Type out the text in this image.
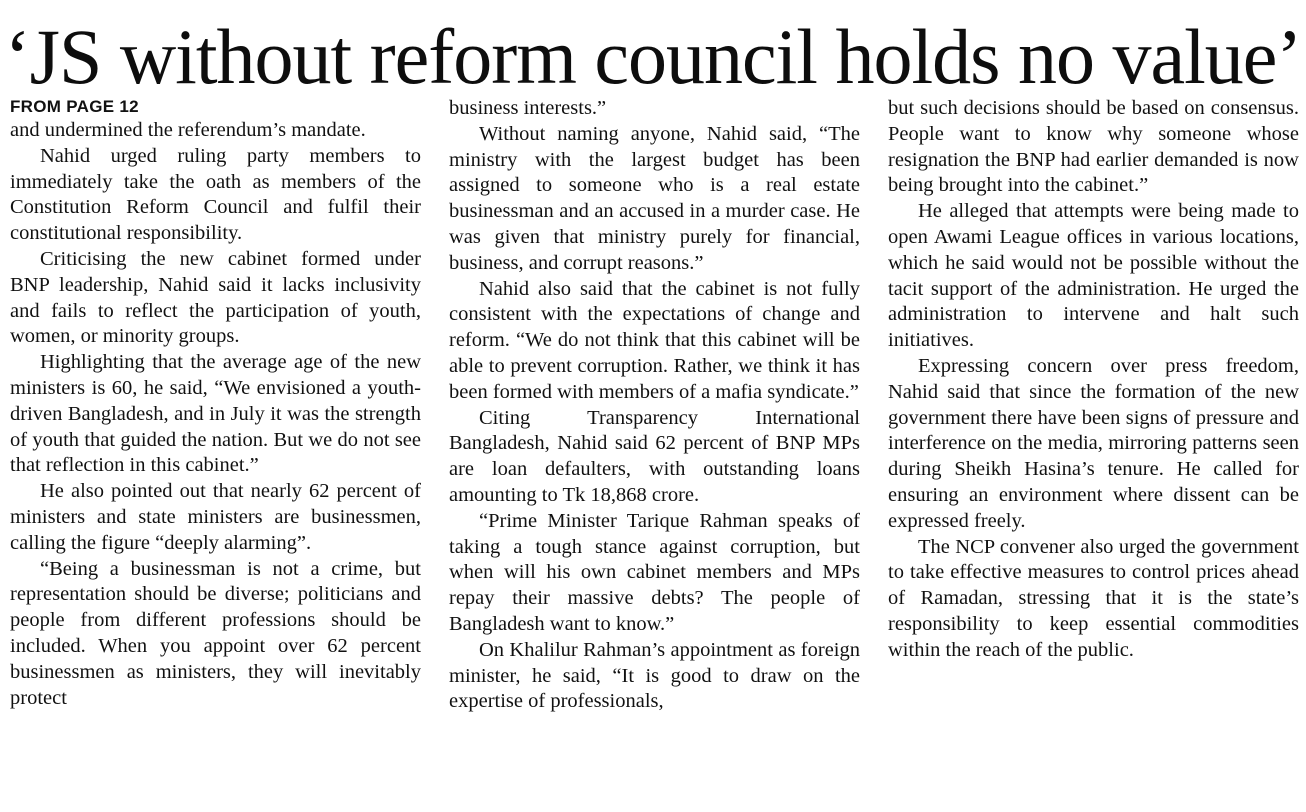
‘JS without reform council holds no value’
FROM PAGE 12

and undermined the referendum’s mandate.

Nahid urged ruling party members to immediately take the oath as members of the Constitution Reform Council and fulfil their constitutional responsibility.

Criticising the new cabinet formed under BNP leadership, Nahid said it lacks inclusivity and fails to reflect the participation of youth, women, or minority groups.

Highlighting that the average age of the new ministers is 60, he said, “We envisioned a youth-driven Bangladesh, and in July it was the strength of youth that guided the nation. But we do not see that reflection in this cabinet.”

He also pointed out that nearly 62 percent of ministers and state ministers are businessmen, calling the figure “deeply alarming”.

“Being a businessman is not a crime, but representation should be diverse; politicians and people from different professions should be included. When you appoint over 62 percent businessmen as ministers, they will inevitably protect

business interests.”

Without naming anyone, Nahid said, “The ministry with the largest budget has been assigned to someone who is a real estate businessman and an accused in a murder case. He was given that ministry purely for financial, business, and corrupt reasons.”

Nahid also said that the cabinet is not fully consistent with the expectations of change and reform. “We do not think that this cabinet will be able to prevent corruption. Rather, we think it has been formed with members of a mafia syndicate.”

Citing Transparency International Bangladesh, Nahid said 62 percent of BNP MPs are loan defaulters, with outstanding loans amounting to Tk 18,868 crore.

“Prime Minister Tarique Rahman speaks of taking a tough stance against corruption, but when will his own cabinet members and MPs repay their massive debts? The people of Bangladesh want to know.”

On Khalilur Rahman’s appointment as foreign minister, he said, “It is good to draw on the expertise of professionals,

but such decisions should be based on consensus. People want to know why someone whose resignation the BNP had earlier demanded is now being brought into the cabinet.”

He alleged that attempts were being made to open Awami League offices in various locations, which he said would not be possible without the tacit support of the administration. He urged the administration to intervene and halt such initiatives.

Expressing concern over press freedom, Nahid said that since the formation of the new government there have been signs of pressure and interference on the media, mirroring patterns seen during Sheikh Hasina’s tenure. He called for ensuring an environment where dissent can be expressed freely.

The NCP convener also urged the government to take effective measures to control prices ahead of Ramadan, stressing that it is the state’s responsibility to keep essential commodities within the reach of the public.
